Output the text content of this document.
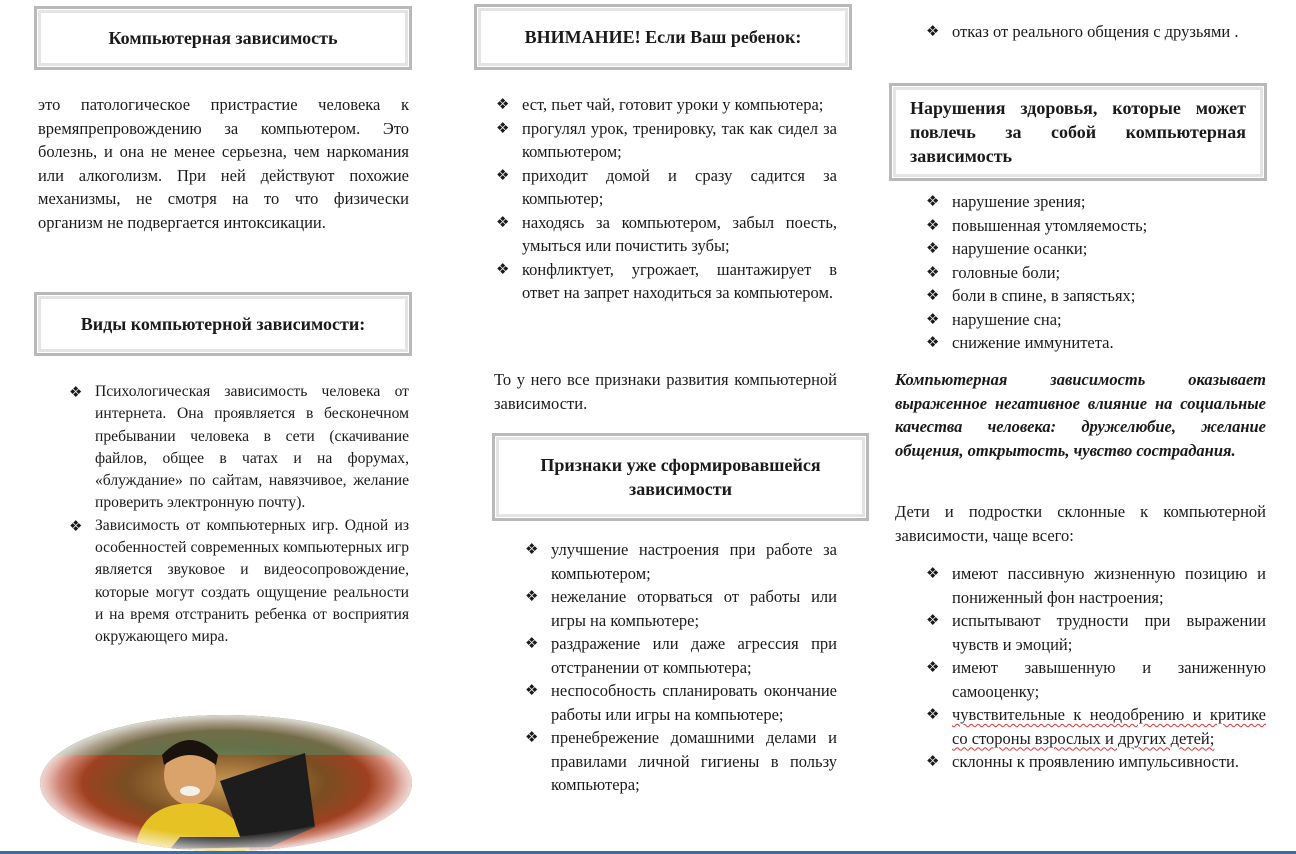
Компьютерная зависимость
это патологическое пристрастие человека к времяпрепровождению за компьютером. Это болезнь, и она не менее серьезна, чем наркомания или алкоголизм. При ней действуют похожие механизмы, не смотря на то что физически организм не подвергается интоксикации.
Виды компьютерной зависимости:
❖ Психологическая зависимость человека от интернета. Она проявляется в бесконечном пребывании человека в сети (скачивание файлов, общее в чатах и на форумах, «блуждание» по сайтам, навязчивое, желание проверить электронную почту).
❖ Зависимость от компьютерных игр. Одной из особенностей современных компьютерных игр является звуковое и видеосопровождение, которые могут создать ощущение реальности и на время отстранить ребенка от восприятия окружающего мира.
ВНИМАНИЕ! Если Ваш ребенок:
❖ ест, пьет чай, готовит уроки у компьютера;
❖ прогулял урок, тренировку, так как сидел за компьютером;
❖ приходит домой и сразу садится за компьютер;
❖ находясь за компьютером, забыл поесть, умыться или почистить зубы;
❖ конфликтует, угрожает, шантажирует в ответ на запрет находиться за компьютером.
То у него все признаки развития компьютерной зависимости.
Признаки уже сформировавшейся зависимости
❖ улучшение настроения при работе за компьютером;
❖ нежелание оторваться от работы или игры на компьютере;
❖ раздражение или даже агрессия при отстранении от компьютера;
❖ неспособность спланировать окончание работы или игры на компьютере;
❖ пренебрежение домашними делами и правилами личной гигиены в пользу компьютера;
❖ отказ от реального общения с друзьями .
Нарушения здоровья, которые может повлечь за собой компьютерная зависимость
❖ нарушение зрения;
❖ повышенная утомляемость;
❖ нарушение осанки;
❖ головные боли;
❖ боли в спине, в запястьях;
❖ нарушение сна;
❖ снижение иммунитета.
Компьютерная зависимость оказывает выраженное негативное влияние на социальные качества человека: дружелюбие, желание общения, открытость, чувство сострадания.
Дети и подростки склонные к компьютерной зависимости, чаще всего:
❖ имеют пассивную жизненную позицию и пониженный фон настроения;
❖ испытывают трудности при выражении чувств и эмоций;
❖ имеют завышенную и заниженную самооценку;
❖ чувствительные к неодобрению и критике со стороны взрослых и других детей;
❖ склонны к проявлению импульсивности.
